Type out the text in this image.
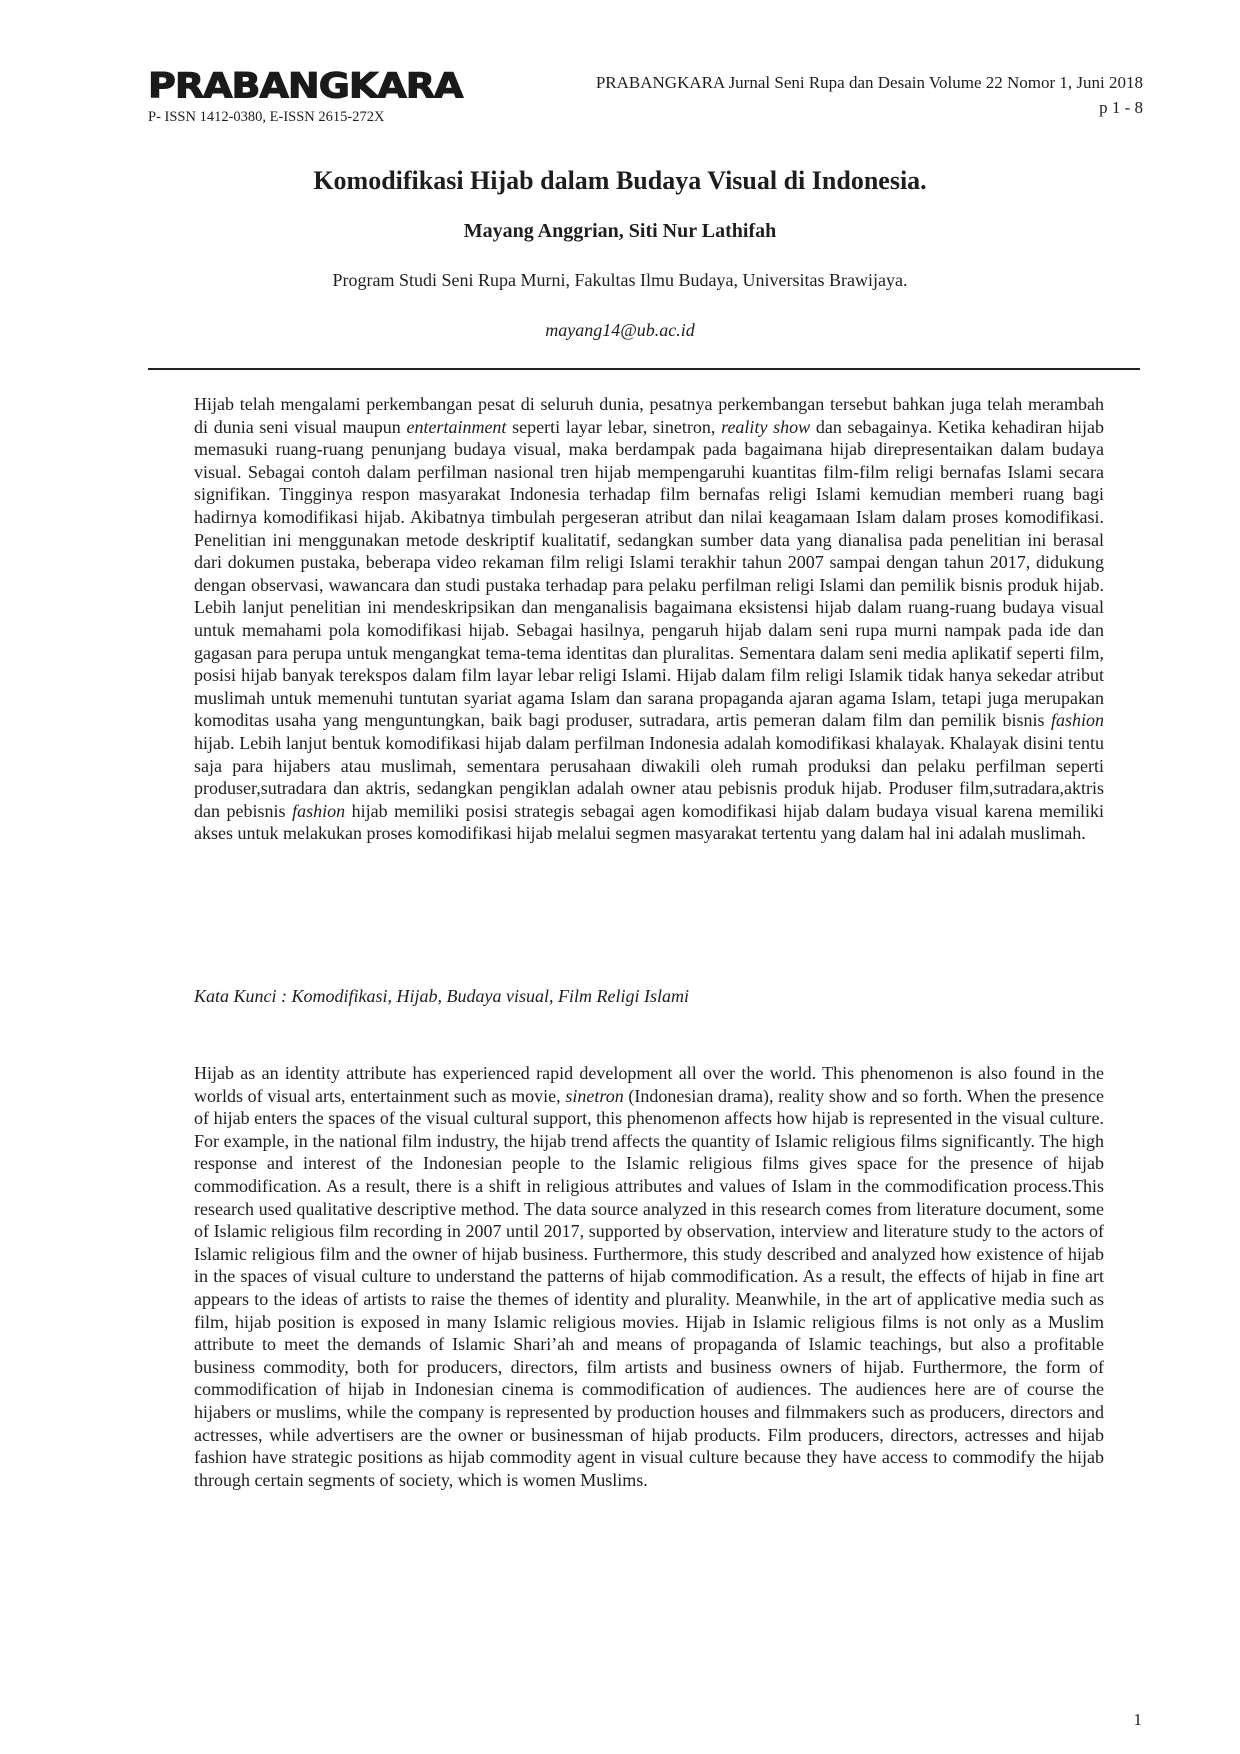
PRABANGKARA
P- ISSN 1412-0380, E-ISSN 2615-272X
PRABANGKARA Jurnal Seni Rupa dan Desain Volume 22 Nomor 1, Juni 2018
p 1 - 8
Komodifikasi Hijab dalam Budaya Visual di Indonesia.
Mayang Anggrian, Siti Nur Lathifah
Program Studi Seni Rupa Murni, Fakultas Ilmu Budaya, Universitas Brawijaya.
mayang14@ub.ac.id

Hijab telah mengalami perkembangan pesat di seluruh dunia, pesatnya perkembangan tersebut bahkan juga telah merambah di dunia seni visual maupun entertainment seperti layar lebar, sinetron, reality show dan sebagainya. Ketika kehadiran hijab memasuki ruang-ruang penunjang budaya visual, maka berdampak pada bagaimana hijab direpresentaikan dalam budaya visual. Sebagai contoh dalam perfilman nasional tren hijab mempengaruhi kuantitas film-film religi bernafas Islami secara signifikan. Tingginya respon masyarakat Indonesia terhadap film bernafas religi Islami kemudian memberi ruang bagi hadirnya komodifikasi hijab. Akibatnya timbulah pergeseran atribut dan nilai keagamaan Islam dalam proses komodifikasi. Penelitian ini menggunakan metode deskriptif kualitatif, sedangkan sumber data yang dianalisa pada penelitian ini berasal dari dokumen pustaka, beberapa video rekaman film religi Islami terakhir tahun 2007 sampai dengan tahun 2017, didukung dengan observasi, wawancara dan studi pustaka terhadap para pelaku perfilman religi Islami dan pemilik bisnis produk hijab. Lebih lanjut penelitian ini mendeskripsikan dan menganalisis bagaimana eksistensi hijab dalam ruang-ruang budaya visual untuk memahami pola komodifikasi hijab. Sebagai hasilnya, pengaruh hijab dalam seni rupa murni nampak pada ide dan gagasan para perupa untuk mengangkat tema-tema identitas dan pluralitas. Sementara dalam seni media aplikatif seperti film, posisi hijab banyak terekspos dalam film layar lebar religi Islami. Hijab dalam film religi Islamik tidak hanya sekedar atribut muslimah untuk memenuhi tuntutan syariat agama Islam dan sarana propaganda ajaran agama Islam, tetapi juga merupakan komoditas usaha yang menguntungkan, baik bagi produser, sutradara, artis pemeran dalam film dan pemilik bisnis fashion hijab. Lebih lanjut bentuk komodifikasi hijab dalam perfilman Indonesia adalah komodifikasi khalayak. Khalayak disini tentu saja para hijabers atau muslimah, sementara perusahaan diwakili oleh rumah produksi dan pelaku perfilman seperti produser,sutradara dan aktris, sedangkan pengiklan adalah owner atau pebisnis produk hijab. Produser film,sutradara,aktris dan pebisnis fashion hijab memiliki posisi strategis sebagai agen komodifikasi hijab dalam budaya visual karena memiliki akses untuk melakukan proses komodifikasi hijab melalui segmen masyarakat tertentu yang dalam hal ini adalah muslimah.

Kata Kunci : Komodifikasi, Hijab, Budaya visual, Film Religi Islami

Hijab as an identity attribute has experienced rapid development all over the world. This phenomenon is also found in the worlds of visual arts, entertainment such as movie, sinetron (Indonesian drama), reality show and so forth. When the presence of hijab enters the spaces of the visual cultural support, this phenomenon affects how hijab is represented in the visual culture. For example, in the national film industry, the hijab trend affects the quantity of Islamic religious films significantly. The high response and interest of the Indonesian people to the Islamic religious films gives space for the presence of hijab commodification. As a result, there is a shift in religious attributes and values of Islam in the commodification process.This research used qualitative descriptive method. The data source analyzed in this research comes from literature document, some of Islamic religious film recording in 2007 until 2017, supported by observation, interview and literature study to the actors of Islamic religious film and the owner of hijab business. Furthermore, this study described and analyzed how existence of hijab in the spaces of visual culture to understand the patterns of hijab commodification. As a result, the effects of hijab in fine art appears to the ideas of artists to raise the themes of identity and plurality. Meanwhile, in the art of applicative media such as film, hijab position is exposed in many Islamic religious movies. Hijab in Islamic religious films is not only as a Muslim attribute to meet the demands of Islamic Shari’ah and means of propaganda of Islamic teachings, but also a profitable business commodity, both for producers, directors, film artists and business owners of hijab. Furthermore, the form of commodification of hijab in Indonesian cinema is commodification of audiences. The audiences here are of course the hijabers or muslims, while the company is represented by production houses and filmmakers such as producers, directors and actresses, while advertisers are the owner or businessman of hijab products. Film producers, directors, actresses and hijab fashion have strategic positions as hijab commodity agent in visual culture because they have access to commodify the hijab through certain segments of society, which is women Muslims.

1
